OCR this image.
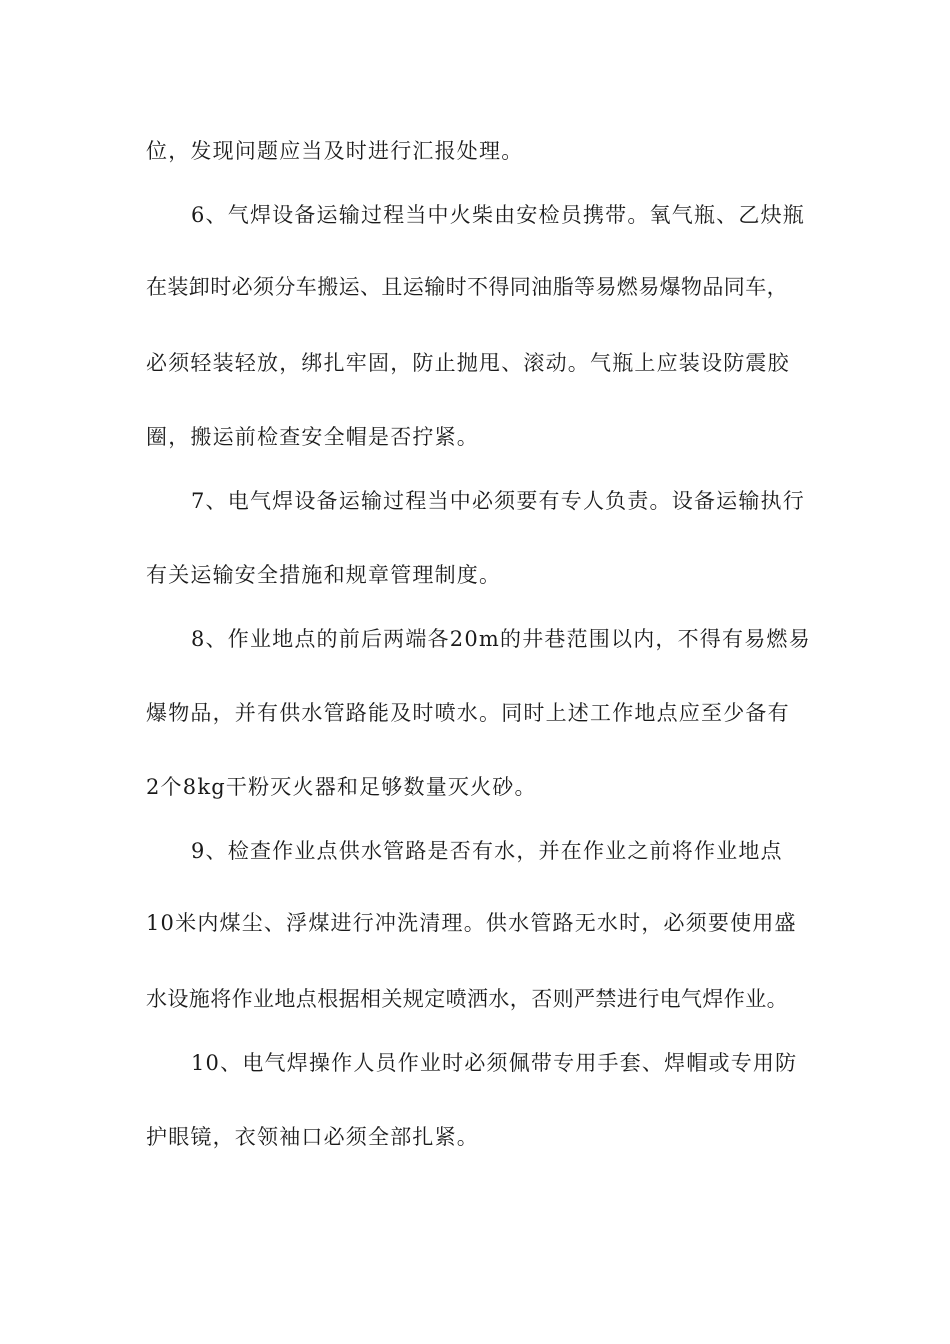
位，发现问题应当及时进行汇报处理。
6、气焊设备运输过程当中火柴由安检员携带。氧气瓶、乙炔瓶
在装卸时必须分车搬运、且运输时不得同油脂等易燃易爆物品同车，
必须轻装轻放，绑扎牢固，防止抛甩、滚动。气瓶上应装设防震胶
圈，搬运前检查安全帽是否拧紧。
7、电气焊设备运输过程当中必须要有专人负责。设备运输执行
有关运输安全措施和规章管理制度。
8、作业地点的前后两端各20m的井巷范围以内，不得有易燃易
爆物品，并有供水管路能及时喷水。同时上述工作地点应至少备有
2个8kg干粉灭火器和足够数量灭火砂。
9、检查作业点供水管路是否有水，并在作业之前将作业地点
10米内煤尘、浮煤进行冲洗清理。供水管路无水时，必须要使用盛
水设施将作业地点根据相关规定喷洒水，否则严禁进行电气焊作业。
10、电气焊操作人员作业时必须佩带专用手套、焊帽或专用防
护眼镜，衣领袖口必须全部扎紧。
